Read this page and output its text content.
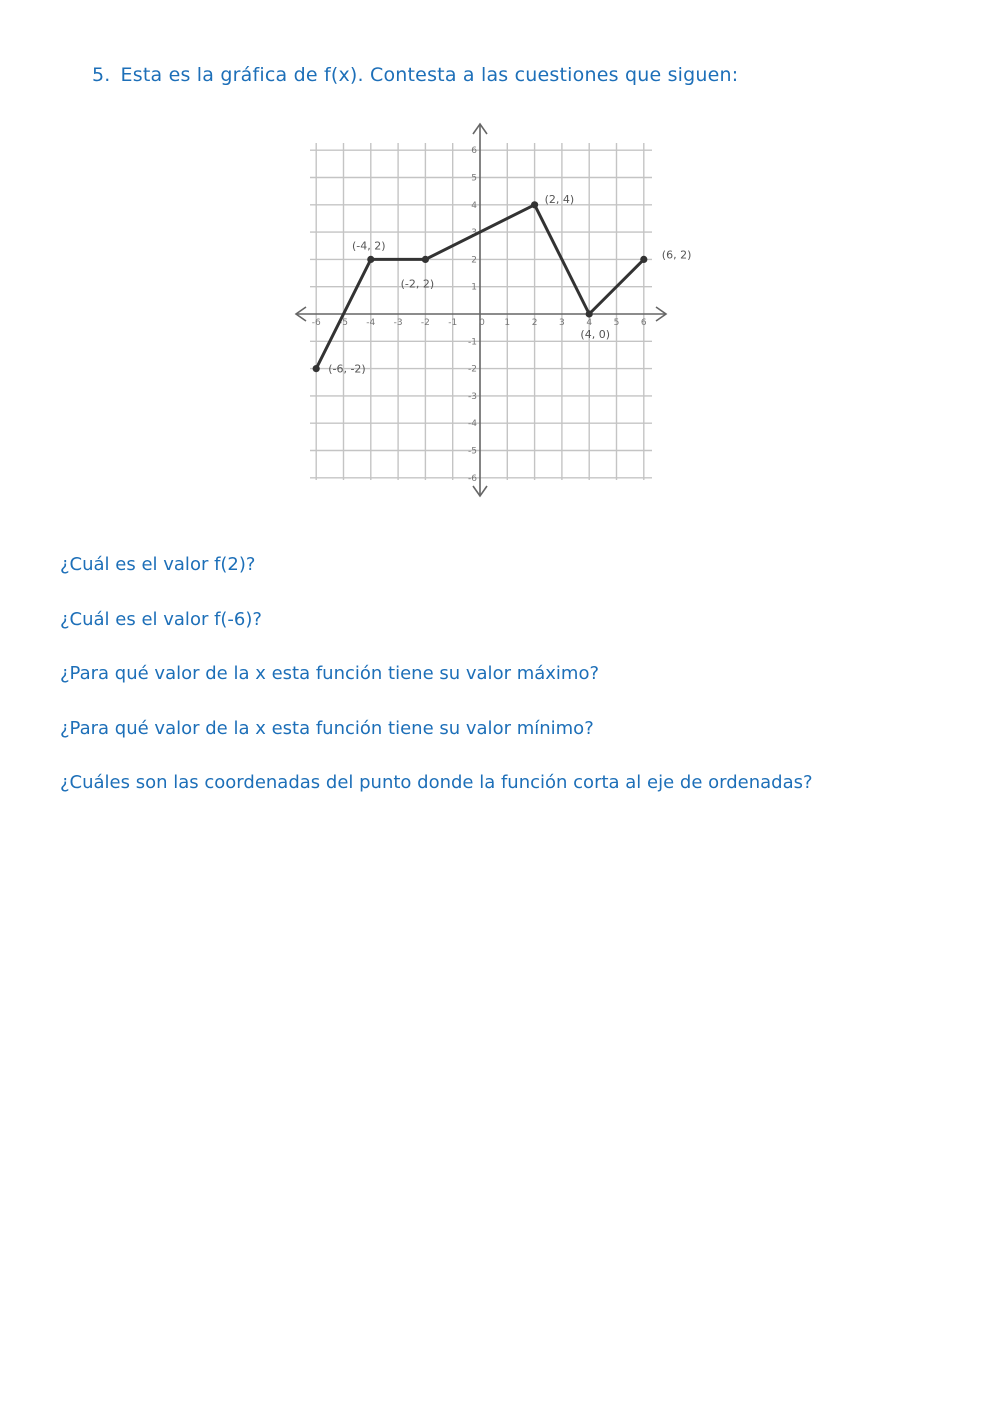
5. Esta es la gráfica de f(x). Contesta a las cuestiones que siguen:
-6 -5 -4 -3 -2 -1 0 1 2 3 4 5 6
-6
-5
-4
-3
-2
-1
1
2
3
4
5
6
(-6, -2)
(-4, 2)
(-2, 2)
(2, 4)
(4, 0)
(6, 2)
¿Cuál es el valor f(2)?
¿Cuál es el valor f(-6)?
¿Para qué valor de la x esta función tiene su valor máximo?
¿Para qué valor de la x esta función tiene su valor mínimo?
¿Cuáles son las coordenadas del punto donde la función corta al eje de ordenadas?
